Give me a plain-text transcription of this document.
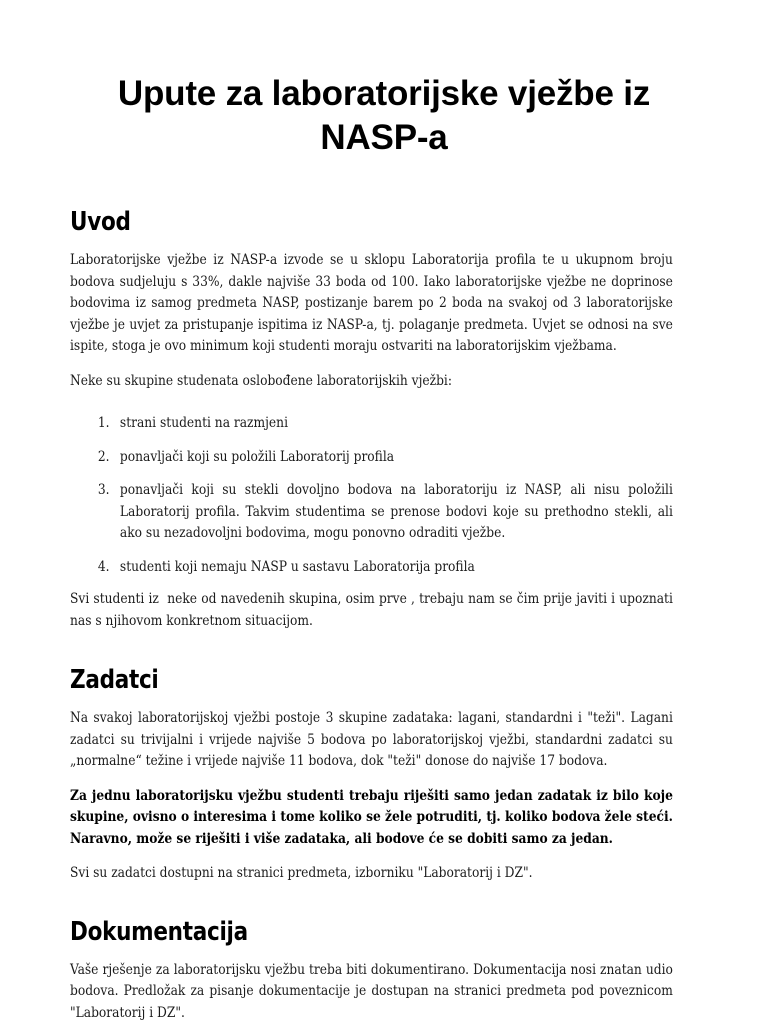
Upute za laboratorijske vježbe iz NASP-a
Uvod

Laboratorijske vježbe iz NASP-a izvode se u sklopu Laboratorija profila te u ukupnom broju bodova sudjeluju s 33%, dakle najviše 33 boda od 100. Iako laboratorijske vježbe ne doprinose bodovima iz samog predmeta NASP, postizanje barem po 2 boda na svakoj od 3 laboratorijske vježbe je uvjet za pristupanje ispitima iz NASP-a, tj. polaganje predmeta. Uvjet se odnosi na sve ispite, stoga je ovo minimum koji studenti moraju ostvariti na laboratorijskim vježbama.

Neke su skupine studenata oslobođene laboratorijskih vježbi:

1. strani studenti na razmjeni
2. ponavljači koji su položili Laboratorij profila
3. ponavljači koji su stekli dovoljno bodova na laboratoriju iz NASP, ali nisu položili Laboratorij profila. Takvim studentima se prenose bodovi koje su prethodno stekli, ali ako su nezadovoljni bodovima, mogu ponovno odraditi vježbe.
4. studenti koji nemaju NASP u sastavu Laboratorija profila

Svi studenti iz  neke od navedenih skupina, osim prve , trebaju nam se čim prije javiti i upoznati nas s njihovom konkretnom situacijom.

Zadatci

Na svakoj laboratorijskoj vježbi postoje 3 skupine zadataka: lagani, standardni i "teži". Lagani zadatci su trivijalni i vrijede najviše 5 bodova po laboratorijskoj vježbi, standardni zadatci su „normalne“ težine i vrijede najviše 11 bodova, dok "teži" donose do najviše 17 bodova.

Za jednu laboratorijsku vježbu studenti trebaju riješiti samo jedan zadatak iz bilo koje skupine, ovisno o interesima i tome koliko se žele potruditi, tj. koliko bodova žele steći. Naravno, može se riješiti i više zadataka, ali bodove će se dobiti samo za jedan.

Svi su zadatci dostupni na stranici predmeta, izborniku "Laboratorij i DZ".

Dokumentacija

Vaše rješenje za laboratorijsku vježbu treba biti dokumentirano. Dokumentacija nosi znatan udio bodova. Predložak za pisanje dokumentacije je dostupan na stranici predmeta pod poveznicom "Laboratorij i DZ".
